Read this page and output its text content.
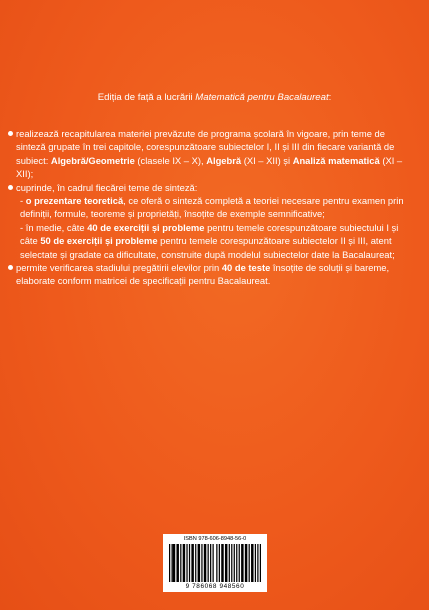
Ediția de față a lucrării Matematică pentru Bacalaureat:
realizează recapitularea materiei prevăzute de programa școlară în vigoare, prin teme de sinteză grupate în trei capitole, corespunzătoare subiectelor I, II și III din fiecare variantă de subiect: Algebră/Geometrie (clasele IX – X), Algebră (XI – XII) și Analiză matematică (XI – XII);
cuprinde, în cadrul fiecărei teme de sinteză:
- o prezentare teoretică, ce oferă o sinteză completă a teoriei necesare pentru examen prin definiții, formule, teoreme și proprietăți, însoțite de exemple semnificative;
- în medie, câte 40 de exerciții și probleme pentru temele corespunzătoare subiectului I și câte 50 de exerciții și probleme pentru temele corespunzătoare subiectelor II și III, atent selectate și gradate ca dificultate, construite după modelul subiectelor date la Bacalaureat;
permite verificarea stadiului pregătirii elevilor prin 40 de teste însoțite de soluții și bareme, elaborate conform matricei de specificații pentru Bacalaureat.
ISBN 978-606-8948-56-0
9 786068 948560
